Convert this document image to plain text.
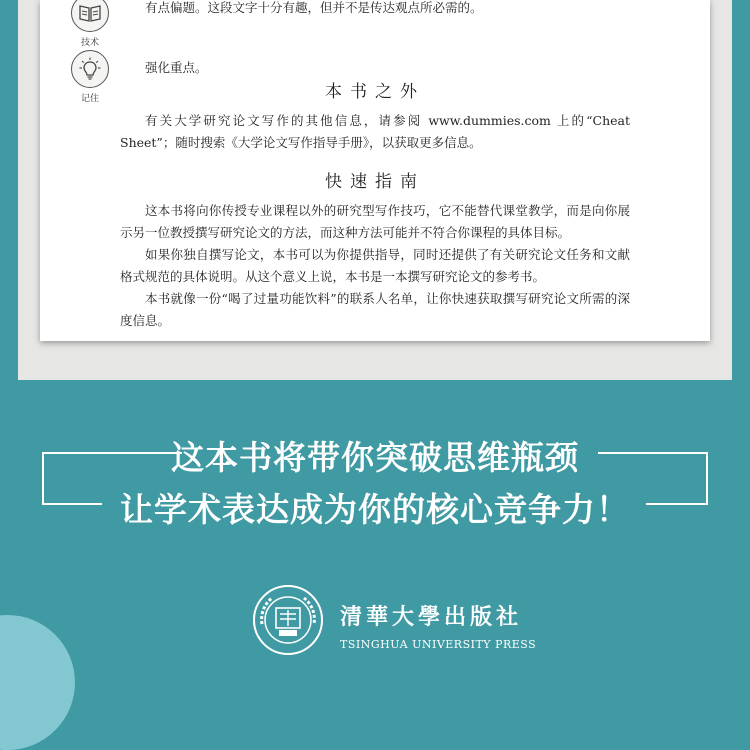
技术
有点偏题。这段文字十分有趣，但并不是传达观点所必需的。
记住
强化重点。
本书之外

有关大学研究论文写作的其他信息，请参阅 www.dummies.com 上的“Cheat Sheet”；随时搜索《大学论文写作指导手册》，以获取更多信息。

快速指南

这本书将向你传授专业课程以外的研究型写作技巧，它不能替代课堂教学，而是向你展示另一位教授撰写研究论文的方法，而这种方法可能并不符合你课程的具体目标。

如果你独自撰写论文，本书可以为你提供指导，同时还提供了有关研究论文任务和文献格式规范的具体说明。从这个意义上说，本书是一本撰写研究论文的参考书。

本书就像一份“喝了过量功能饮料”的联系人名单，让你快速获取撰写研究论文所需的深度信息。

这本书将带你突破思维瓶颈
让学术表达成为你的核心竞争力！
清華大學出版社
TSINGHUA UNIVERSITY PRESS
